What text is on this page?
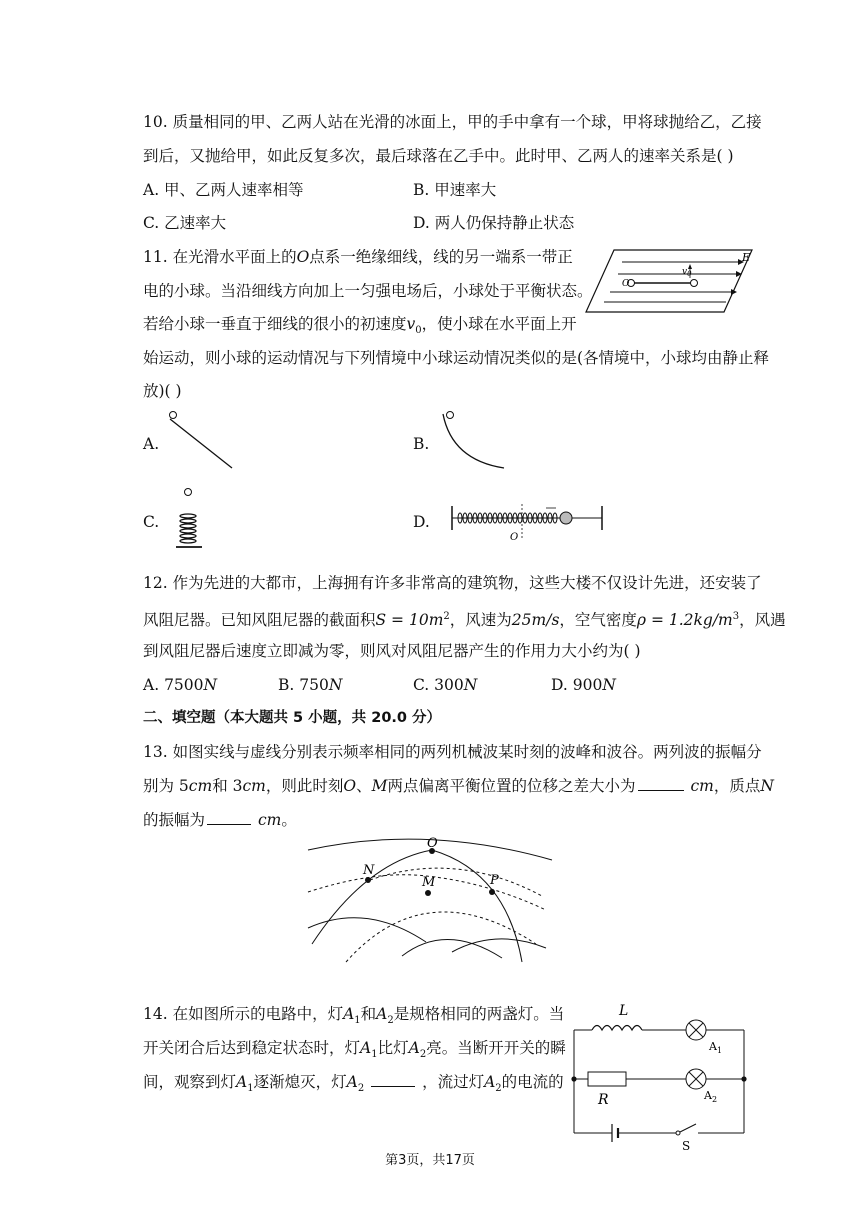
10. 质量相同的甲、乙两人站在光滑的冰面上，甲的手中拿有一个球，甲将球抛给乙，乙接
到后，又抛给甲，如此反复多次，最后球落在乙手中。此时甲、乙两人的速率关系是( )
A. 甲、乙两人速率相等	B. 甲速率大
C. 乙速率大	D. 两人仍保持静止状态
11. 在光滑水平面上的O点系一绝缘细线，线的另一端系一带正
电的小球。当沿细线方向加上一匀强电场后，小球处于平衡状态。
若给小球一垂直于细线的很小的初速度$v_0$，使小球在水平面上开
始运动，则小球的运动情况与下列情境中小球运动情况类似的是(各情境中，小球均由静止释
放)( )
E
$v_0$
O
A.	B.
C.	D.
O
12. 作为先进的大都市，上海拥有许多非常高的建筑物，这些大楼不仅设计先进，还安装了
风阻尼器。已知风阻尼器的截面积$S = 10m^2$，风速为25m/s，空气密度$\rho = 1.2kg/m^3$，风遇
到风阻尼器后速度立即减为零，则风对风阻尼器产生的作用力大小约为( )
A. 7500N	B. 750N	C. 300N	D. 900N
二、填空题（本大题共 5 小题，共 20.0 分）
13. 如图实线与虚线分别表示频率相同的两列机械波某时刻的波峰和波谷。两列波的振幅分
别为 5cm和 3cm，则此时刻O、M两点偏离平衡位置的位移之差大小为	cm，质点N
的振幅为	cm。
O
N
M	P
14. 在如图所示的电路中，灯$A_1$和$A_2$是规格相同的两盏灯。当
开关闭合后达到稳定状态时，灯$A_1$比灯$A_2$亮。当断开开关的瞬
间，观察到灯$A_1$逐渐熄灭，灯$A_2$	，流过灯$A_2$的电流的
L
R
$A_1$
$A_2$
S
第3页，共17页
